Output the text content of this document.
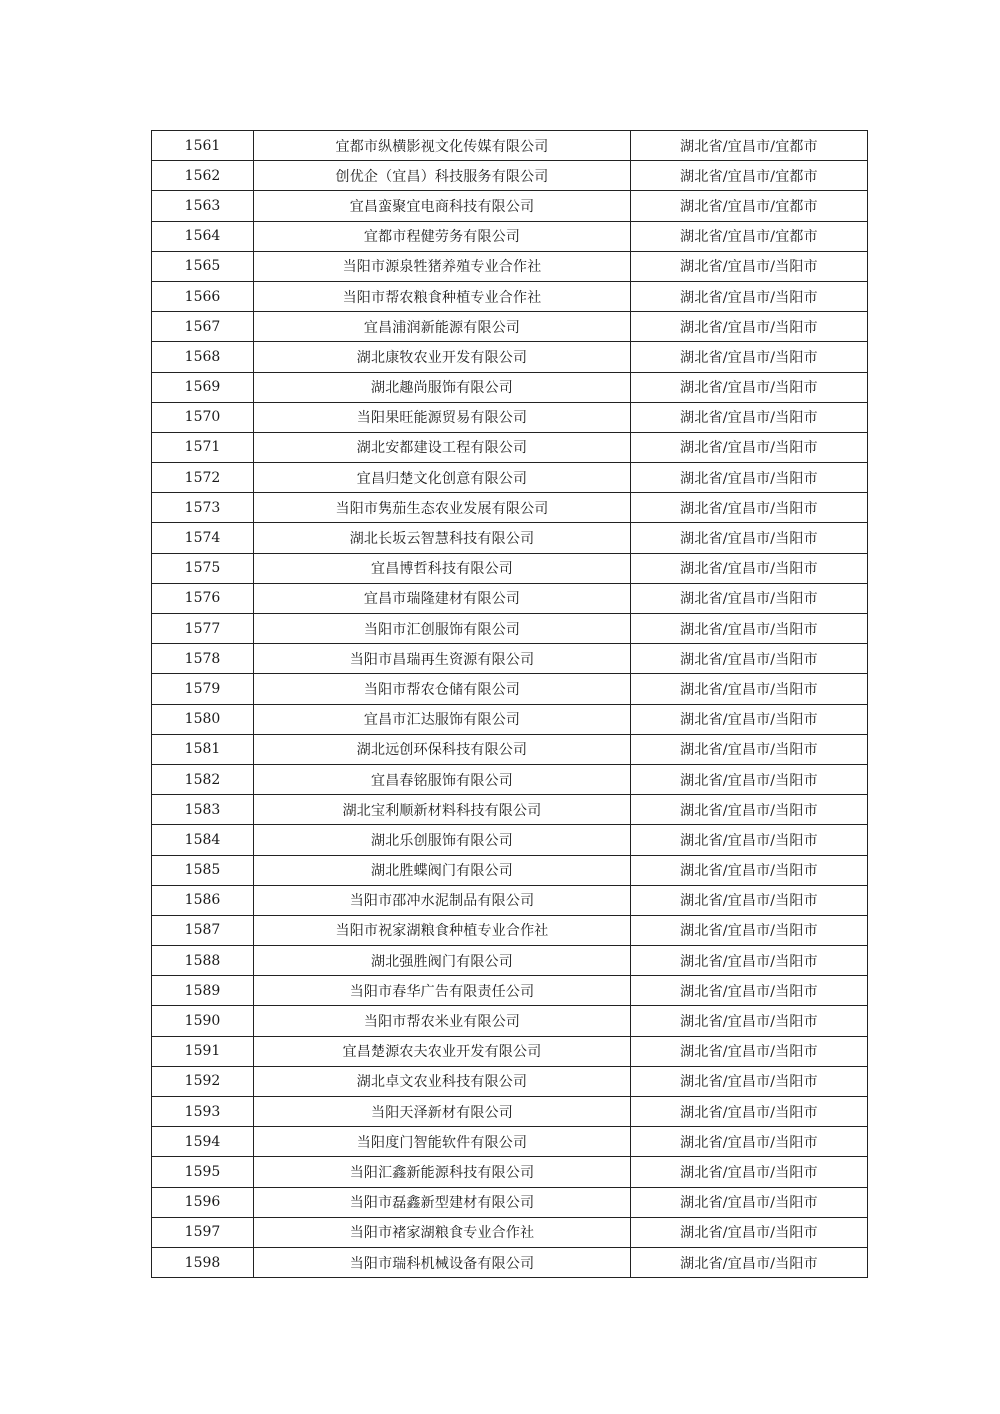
1561	宜都市纵横影视文化传媒有限公司	湖北省/宜昌市/宜都市
1562	创优企（宜昌）科技服务有限公司	湖北省/宜昌市/宜都市
1563	宜昌蛮聚宜电商科技有限公司	湖北省/宜昌市/宜都市
1564	宜都市程健劳务有限公司	湖北省/宜昌市/宜都市
1565	当阳市源泉牲猪养殖专业合作社	湖北省/宜昌市/当阳市
1566	当阳市帮农粮食种植专业合作社	湖北省/宜昌市/当阳市
1567	宜昌浦润新能源有限公司	湖北省/宜昌市/当阳市
1568	湖北康牧农业开发有限公司	湖北省/宜昌市/当阳市
1569	湖北趣尚服饰有限公司	湖北省/宜昌市/当阳市
1570	当阳果旺能源贸易有限公司	湖北省/宜昌市/当阳市
1571	湖北安都建设工程有限公司	湖北省/宜昌市/当阳市
1572	宜昌归楚文化创意有限公司	湖北省/宜昌市/当阳市
1573	当阳市隽茄生态农业发展有限公司	湖北省/宜昌市/当阳市
1574	湖北长坂云智慧科技有限公司	湖北省/宜昌市/当阳市
1575	宜昌博哲科技有限公司	湖北省/宜昌市/当阳市
1576	宜昌市瑞隆建材有限公司	湖北省/宜昌市/当阳市
1577	当阳市汇创服饰有限公司	湖北省/宜昌市/当阳市
1578	当阳市昌瑞再生资源有限公司	湖北省/宜昌市/当阳市
1579	当阳市帮农仓储有限公司	湖北省/宜昌市/当阳市
1580	宜昌市汇达服饰有限公司	湖北省/宜昌市/当阳市
1581	湖北远创环保科技有限公司	湖北省/宜昌市/当阳市
1582	宜昌春铭服饰有限公司	湖北省/宜昌市/当阳市
1583	湖北宝利顺新材料科技有限公司	湖北省/宜昌市/当阳市
1584	湖北乐创服饰有限公司	湖北省/宜昌市/当阳市
1585	湖北胜蝶阀门有限公司	湖北省/宜昌市/当阳市
1586	当阳市邵冲水泥制品有限公司	湖北省/宜昌市/当阳市
1587	当阳市祝家湖粮食种植专业合作社	湖北省/宜昌市/当阳市
1588	湖北强胜阀门有限公司	湖北省/宜昌市/当阳市
1589	当阳市春华广告有限责任公司	湖北省/宜昌市/当阳市
1590	当阳市帮农米业有限公司	湖北省/宜昌市/当阳市
1591	宜昌楚源农夫农业开发有限公司	湖北省/宜昌市/当阳市
1592	湖北卓文农业科技有限公司	湖北省/宜昌市/当阳市
1593	当阳天泽新材有限公司	湖北省/宜昌市/当阳市
1594	当阳度门智能软件有限公司	湖北省/宜昌市/当阳市
1595	当阳汇鑫新能源科技有限公司	湖北省/宜昌市/当阳市
1596	当阳市磊鑫新型建材有限公司	湖北省/宜昌市/当阳市
1597	当阳市褚家湖粮食专业合作社	湖北省/宜昌市/当阳市
1598	当阳市瑞科机械设备有限公司	湖北省/宜昌市/当阳市
